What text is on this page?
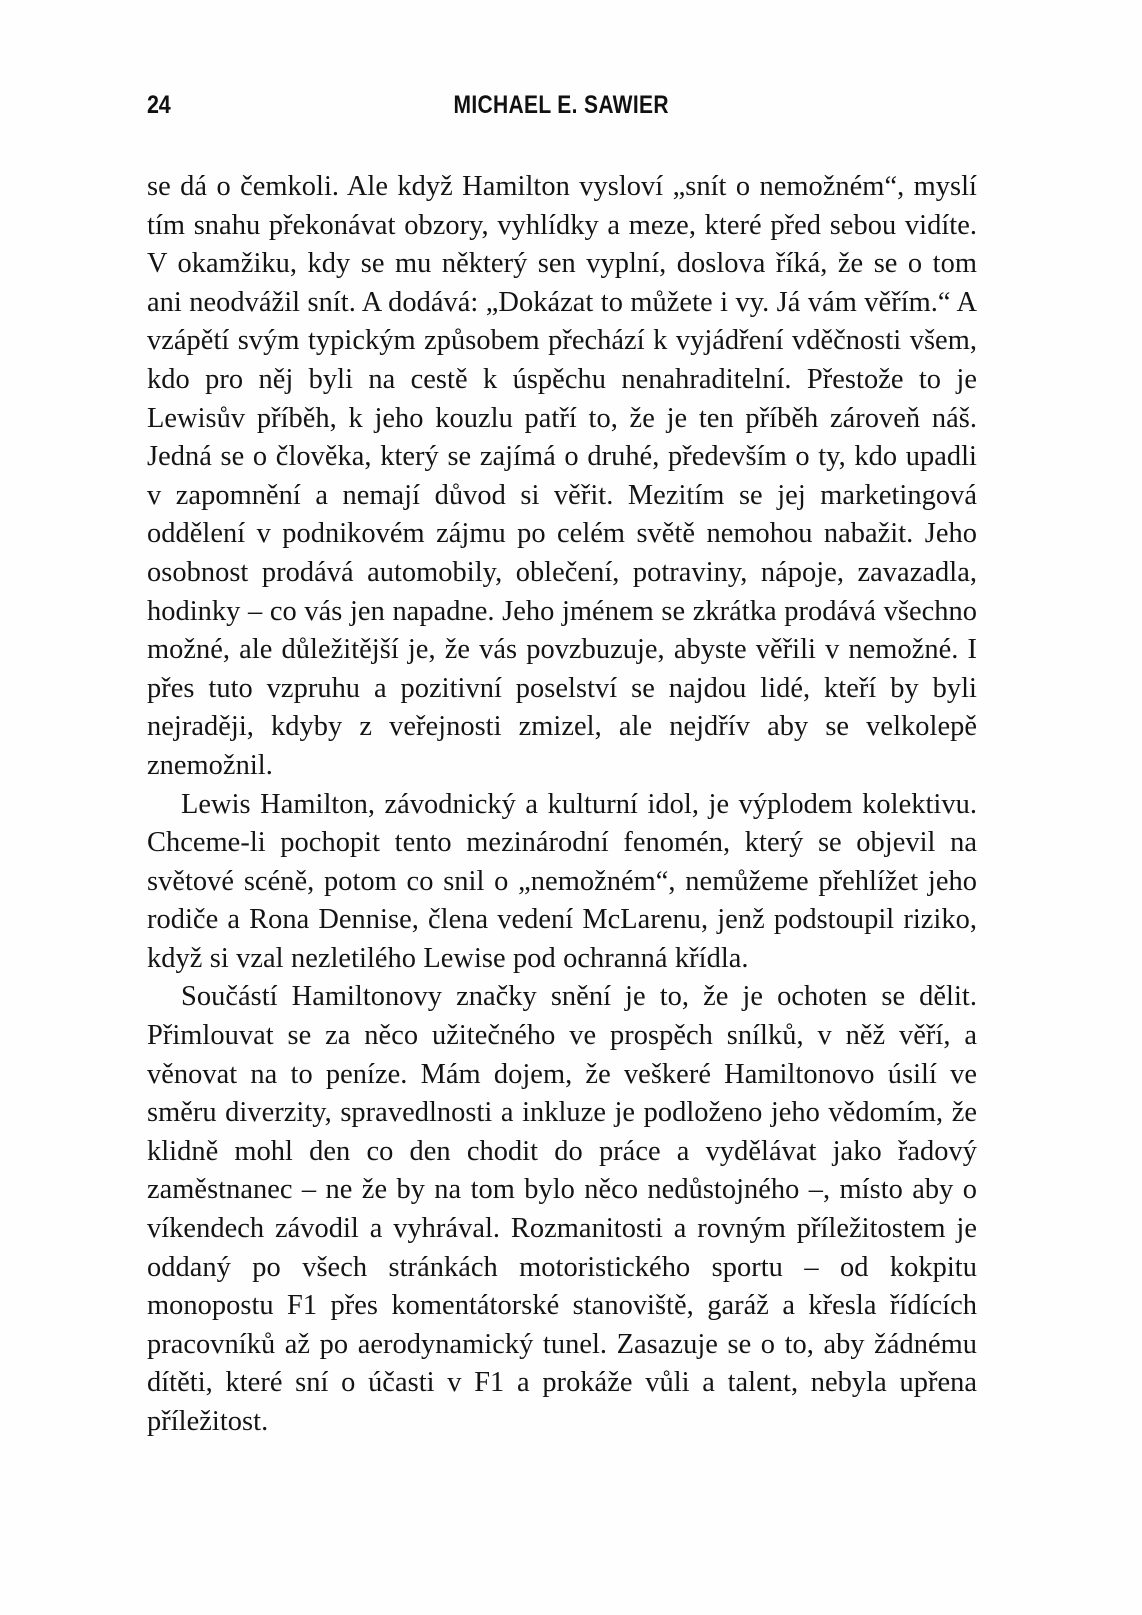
24	MICHAEL E. SAWIER

se dá o čemkoli. Ale když Hamilton vysloví „snít o nemožném“, myslí tím snahu překonávat obzory, vyhlídky a meze, které před sebou vidíte. V okamžiku, kdy se mu některý sen vyplní, doslova říká, že se o tom ani neodvážil snít. A dodává: „Dokázat to můžete i vy. Já vám věřím.“ A vzápětí svým typickým způsobem přechází k vyjádření vděčnosti všem, kdo pro něj byli na cestě k úspěchu nenahraditelní. Přestože to je Lewisův příběh, k jeho kouzlu patří to, že je ten příběh zároveň náš. Jedná se o člověka, který se zajímá o druhé, především o ty, kdo upadli v zapomnění a nemají důvod si věřit. Mezitím se jej marketingová oddělení v podnikovém zájmu po celém světě nemohou nabažit. Jeho osobnost prodává automobily, oblečení, potraviny, nápoje, zavazadla, hodinky – co vás jen napadne. Jeho jménem se zkrátka prodává všechno možné, ale důležitější je, že vás povzbuzuje, abyste věřili v nemožné. I přes tuto vzpruhu a pozitivní poselství se najdou lidé, kteří by byli nejraději, kdyby z veřejnosti zmizel, ale nejdřív aby se velkolepě znemožnil.

Lewis Hamilton, závodnický a kulturní idol, je výplodem kolektivu. Chceme-li pochopit tento mezinárodní fenomén, který se objevil na světové scéně, potom co snil o „nemožném“, nemůžeme přehlížet jeho rodiče a Rona Dennise, člena vedení McLarenu, jenž podstoupil riziko, když si vzal nezletilého Lewise pod ochranná křídla.

Součástí Hamiltonovy značky snění je to, že je ochoten se dělit. Přimlouvat se za něco užitečného ve prospěch snílků, v něž věří, a věnovat na to peníze. Mám dojem, že veškeré Hamiltonovo úsilí ve směru diverzity, spravedlnosti a inkluze je podloženo jeho vědomím, že klidně mohl den co den chodit do práce a vydělávat jako řadový zaměstnanec – ne že by na tom bylo něco nedůstojného –, místo aby o víkendech závodil a vyhrával. Rozmanitosti a rovným příležitostem je oddaný po všech stránkách motoristického sportu – od kokpitu monopostu F1 přes komentátorské stanoviště, garáž a křesla řídících pracovníků až po aerodynamický tunel. Zasazuje se o to, aby žádnému dítěti, které sní o účasti v F1 a prokáže vůli a talent, nebyla upřena příležitost.
